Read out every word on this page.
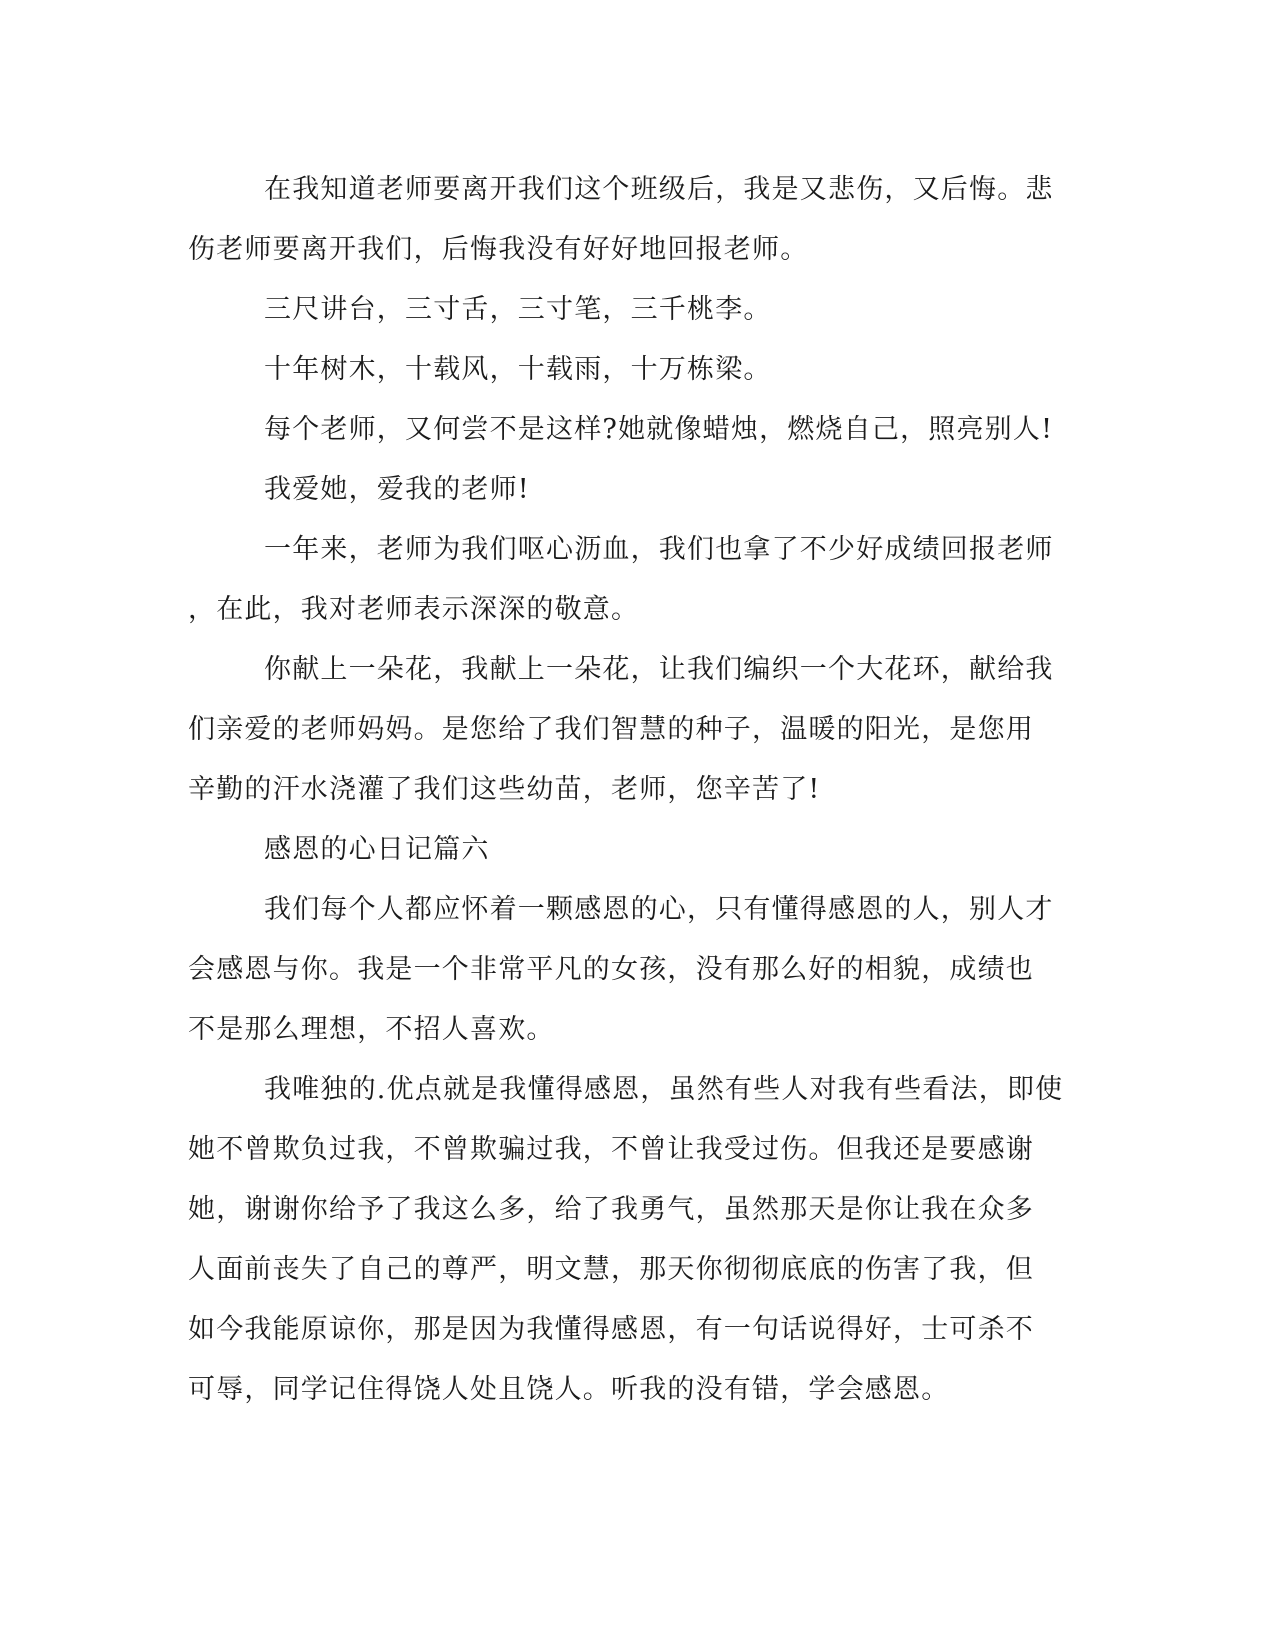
在我知道老师要离开我们这个班级后，我是又悲伤，又后悔。悲
伤老师要离开我们，后悔我没有好好地回报老师。
三尺讲台，三寸舌，三寸笔，三千桃李。
十年树木，十载风，十载雨，十万栋梁。
每个老师，又何尝不是这样?她就像蜡烛，燃烧自己，照亮别人!
我爱她，爱我的老师!
一年来，老师为我们呕心沥血，我们也拿了不少好成绩回报老师
，在此，我对老师表示深深的敬意。
你献上一朵花，我献上一朵花，让我们编织一个大花环，献给我
们亲爱的老师妈妈。是您给了我们智慧的种子，温暖的阳光，是您用
辛勤的汗水浇灌了我们这些幼苗，老师，您辛苦了!
感恩的心日记篇六
我们每个人都应怀着一颗感恩的心，只有懂得感恩的人，别人才
会感恩与你。我是一个非常平凡的女孩，没有那么好的相貌，成绩也
不是那么理想，不招人喜欢。
我唯独的.优点就是我懂得感恩，虽然有些人对我有些看法，即使
她不曾欺负过我，不曾欺骗过我，不曾让我受过伤。但我还是要感谢
她，谢谢你给予了我这么多，给了我勇气，虽然那天是你让我在众多
人面前丧失了自己的尊严，明文慧，那天你彻彻底底的伤害了我，但
如今我能原谅你，那是因为我懂得感恩，有一句话说得好，士可杀不
可辱，同学记住得饶人处且饶人。听我的没有错，学会感恩。
